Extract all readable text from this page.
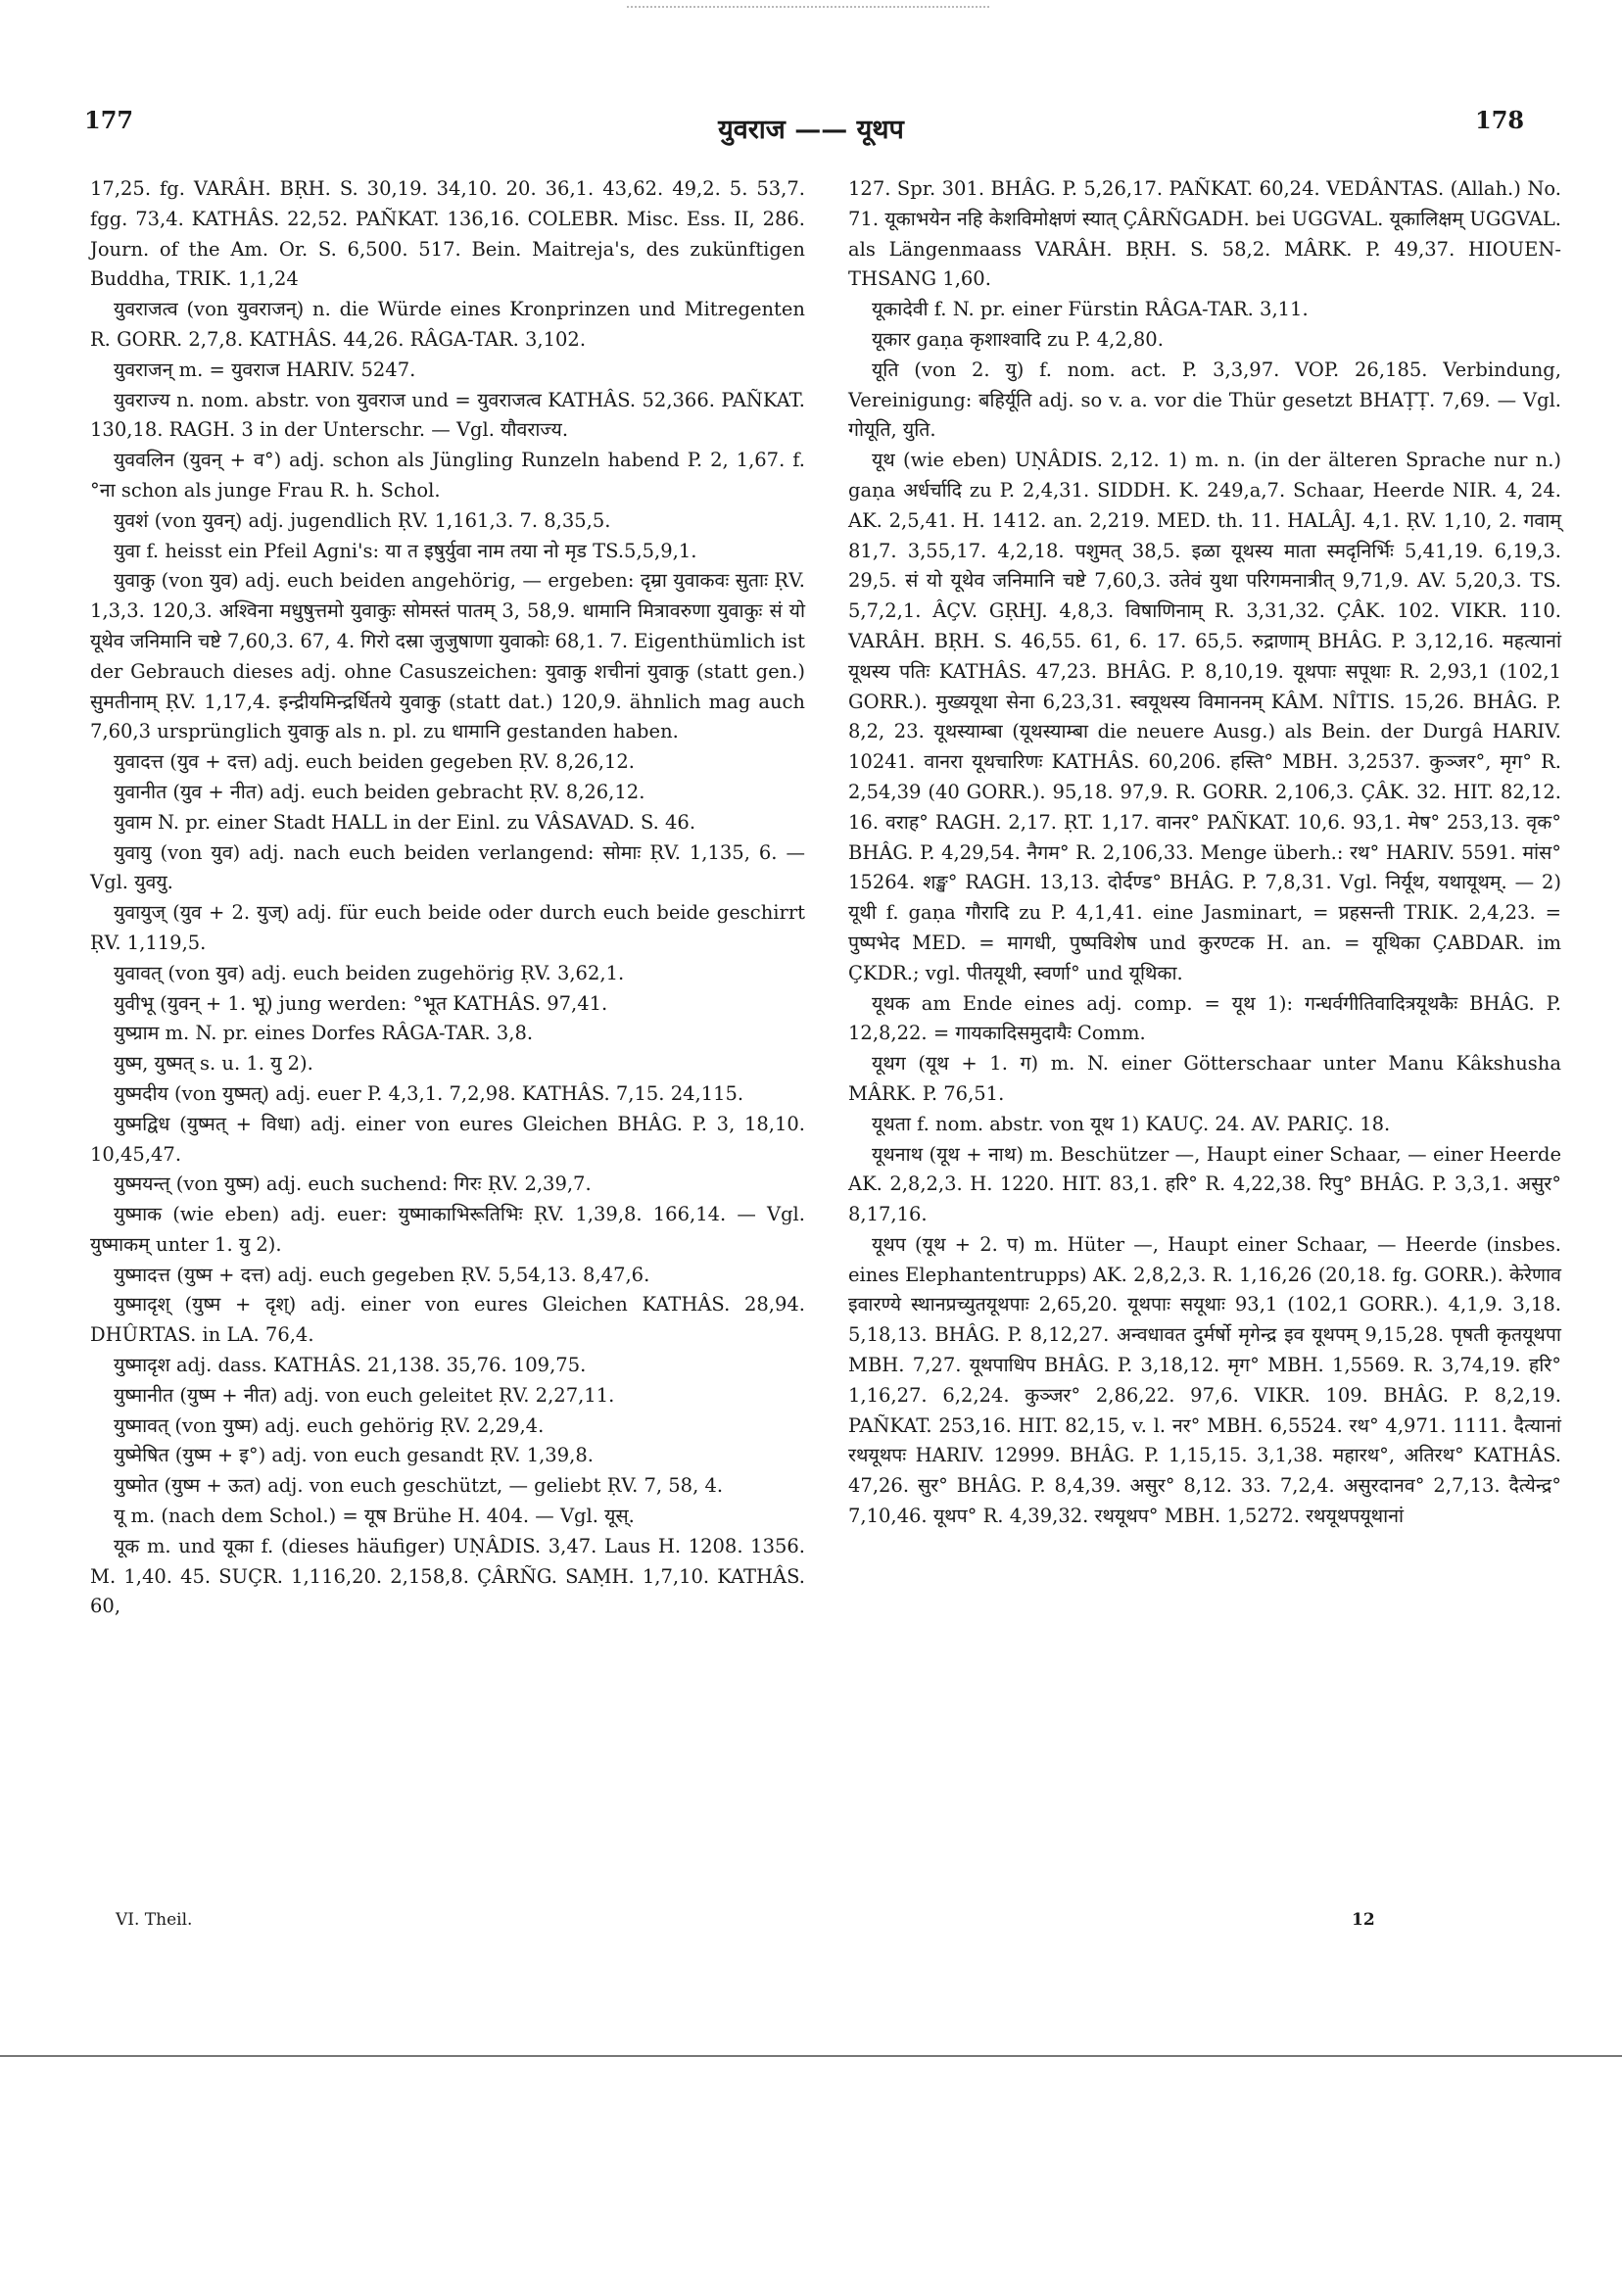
177	युवराज —— यूथप	178

17,25. fg. VARÂH. BṚH. S. 30,19. 34,10. 20. 36,1. 43,62. 49,2. 5. 53,7. fgg. 73,4. KATHÂS. 22,52. PAÑKAT. 136,16. COLEBR. Misc. Ess. II, 286. Journ. of the Am. Or. S. 6,500. 517. Bein. Maitreja's, des zukünftigen Buddha, TRIK. 1,1,24

युवराजत्व (von युवराजन्) n. die Würde eines Kronprinzen und Mitregenten R. GORR. 2,7,8. KATHÂS. 44,26. RÂGA-TAR. 3,102.

युवराजन् m. = युवराज HARIV. 5247.

युवराज्य n. nom. abstr. von युवराज und = युवराजत्व KATHÂS. 52,366. PAÑKAT. 130,18. RAGH. 3 in der Unterschr. — Vgl. यौवराज्य.

युववलिन (युवन् + व°) adj. schon als Jüngling Runzeln habend P. 2, 1,67. f. °ना schon als junge Frau R. h. Schol.

युवशं (von युवन्) adj. jugendlich ṚV. 1,161,3. 7. 8,35,5.

युवा f. heisst ein Pfeil Agni's: या त इषुर्युवा नाम तया नो मृड TS.5,5,9,1.

युवाकु (von युव) adj. euch beiden angehörig, — ergeben: दृम्रा युवाकवः सुताः ṚV. 1,3,3. 120,3. अश्विना मधुषुत्तमो युवाकुः सोमस्तं पातम् 3, 58,9. धामानि मित्रावरुणा युवाकुः सं यो यूथेव जनिमानि चष्टे 7,60,3. 67, 4. गिरो दस्रा जुजुषाणा युवाकोः 68,1. 7. Eigenthümlich ist der Gebrauch dieses adj. ohne Casuszeichen: युवाकु शचीनां युवाकु (statt gen.) सुमतीनाम् ṚV. 1,17,4. इन्द्रीयमिन्द्रर्धितये युवाकु (statt dat.) 120,9. ähnlich mag auch 7,60,3 ursprünglich युवाकु als n. pl. zu धामानि gestanden haben.

युवादत्त (युव + दत्त) adj. euch beiden gegeben ṚV. 8,26,12.

युवानीत (युव + नीत) adj. euch beiden gebracht ṚV. 8,26,12.

युवाम N. pr. einer Stadt HALL in der Einl. zu VÂSAVAD. S. 46.

युवायु (von युव) adj. nach euch beiden verlangend: सोमाः ṚV. 1,135, 6. — Vgl. युवयु.

युवायुज् (युव + 2. युज्) adj. für euch beide oder durch euch beide geschirrt ṚV. 1,119,5.

युवावत् (von युव) adj. euch beiden zugehörig ṚV. 3,62,1.

युवीभू (युवन् + 1. भू) jung werden: °भूत KATHÂS. 97,41.

युष्ग्राम m. N. pr. eines Dorfes RÂGA-TAR. 3,8.

युष्म, युष्मत् s. u. 1. यु 2).

युष्मदीय (von युष्मत्) adj. euer P. 4,3,1. 7,2,98. KATHÂS. 7,15. 24,115.

युष्मद्विध (युष्मत् + विधा) adj. einer von eures Gleichen BHÂG. P. 3, 18,10. 10,45,47.

युष्मयन्त् (von युष्म) adj. euch suchend: गिरः ṚV. 2,39,7.

युष्माक (wie eben) adj. euer: युष्माकाभिरूतिभिः ṚV. 1,39,8. 166,14. — Vgl. युष्माकम् unter 1. यु 2).

युष्मादत्त (युष्म + दत्त) adj. euch gegeben ṚV. 5,54,13. 8,47,6.

युष्मादृश् (युष्म + दृश्) adj. einer von eures Gleichen KATHÂS. 28,94. DHÛRTAS. in LA. 76,4.

युष्मादृश adj. dass. KATHÂS. 21,138. 35,76. 109,75.

युष्मानीत (युष्म + नीत) adj. von euch geleitet ṚV. 2,27,11.

युष्मावत् (von युष्म) adj. euch gehörig ṚV. 2,29,4.

युष्मेषित (युष्म + इ°) adj. von euch gesandt ṚV. 1,39,8.

युष्मोत (युष्म + ऊत) adj. von euch geschützt, — geliebt ṚV. 7, 58, 4.

यू m. (nach dem Schol.) = यूष Brühe H. 404. — Vgl. यूस्.

यूक m. und यूका f. (dieses häufiger) UṆÂDIS. 3,47. Laus H. 1208. 1356. M. 1,40. 45. SUÇR. 1,116,20. 2,158,8. ÇÂRÑG. SAṂH. 1,7,10. KATHÂS. 60,

127. Spr. 301. BHÂG. P. 5,26,17. PAÑKAT. 60,24. VEDÂNTAS. (Allah.) No. 71. यूकाभयेन नहि केशविमोक्षणं स्यात् ÇÂRÑGADH. bei UGGVAL. यूकालिक्षम् UGGVAL. als Längenmaass VARÂH. BṚH. S. 58,2. MÂRK. P. 49,37. HIOUEN-THSANG 1,60.

यूकादेवी f. N. pr. einer Fürstin RÂGA-TAR. 3,11.

यूकार gaṇa कृशाश्वादि zu P. 4,2,80.

यूति (von 2. यु) f. nom. act. P. 3,3,97. VOP. 26,185. Verbindung, Vereinigung: बहिर्यूति adj. so v. a. vor die Thür gesetzt BHAṬṬ. 7,69. — Vgl. गोयूति, युति.

यूथ (wie eben) UṆÂDIS. 2,12. 1) m. n. (in der älteren Sprache nur n.) gaṇa अर्धर्चादि zu P. 2,4,31. SIDDH. K. 249,a,7. Schaar, Heerde NIR. 4, 24. AK. 2,5,41. H. 1412. an. 2,219. MED. th. 11. HALÂJ. 4,1. ṚV. 1,10, 2. गवाम् 81,7. 3,55,17. 4,2,18. पशुमत् 38,5. इळा यूथस्य माता स्मदृनिर्भिः 5,41,19. 6,19,3. 29,5. सं यो यूथेव जनिमानि चष्टे 7,60,3. उतेवं युथा परिगमनात्रीत् 9,71,9. AV. 5,20,3. TS. 5,7,2,1. ÂÇV. GṚHJ. 4,8,3. विषाणिनाम् R. 3,31,32. ÇÂK. 102. VIKR. 110. VARÂH. BṚH. S. 46,55. 61, 6. 17. 65,5. रुद्राणाम् BHÂG. P. 3,12,16. महत्यानां यूथस्य पतिः KATHÂS. 47,23. BHÂG. P. 8,10,19. यूथपाः सपूथाः R. 2,93,1 (102,1 GORR.). मुख्ययूथा सेना 6,23,31. स्वयूथस्य विमाननम् KÂM. NÎTIS. 15,26. BHÂG. P. 8,2, 23. यूथस्याम्बा (यूथस्याम्बा die neuere Ausg.) als Bein. der Durgâ HARIV. 10241. वानरा यूथचारिणः KATHÂS. 60,206. हस्ति° MBH. 3,2537. कुञ्जर°, मृग° R. 2,54,39 (40 GORR.). 95,18. 97,9. R. GORR. 2,106,3. ÇÂK. 32. HIT. 82,12. 16. वराह° RAGH. 2,17. ṚT. 1,17. वानर° PAÑKAT. 10,6. 93,1. मेष° 253,13. वृक° BHÂG. P. 4,29,54. नैगम° R. 2,106,33. Menge überh.: रथ° HARIV. 5591. मांस° 15264. शङ्ख° RAGH. 13,13. दोर्दण्ड° BHÂG. P. 7,8,31. Vgl. निर्यूथ, यथायूथम्. — 2) यूथी f. gaṇa गौरादि zu P. 4,1,41. eine Jasminart, = प्रहसन्ती TRIK. 2,4,23. = पुष्पभेद MED. = मागधी, पुष्पविशेष und कुरण्टक H. an. = यूथिका ÇABDAR. im ÇKDR.; vgl. पीतयूथी, स्वर्णा° und यूथिका.

यूथक am Ende eines adj. comp. = यूथ 1): गन्धर्वगीतिवादित्रयूथकैः BHÂG. P. 12,8,22. = गायकादिसमुदायैः Comm.

यूथग (यूथ + 1. ग) m. N. einer Götterschaar unter Manu Kâkshusha MÂRK. P. 76,51.

यूथता f. nom. abstr. von यूथ 1) KAUÇ. 24. AV. PARIÇ. 18.

यूथनाथ (यूथ + नाथ) m. Beschützer —, Haupt einer Schaar, — einer Heerde AK. 2,8,2,3. H. 1220. HIT. 83,1. हरि° R. 4,22,38. रिपु° BHÂG. P. 3,3,1. असुर° 8,17,16.

यूथप (यूथ + 2. प) m. Hüter —, Haupt einer Schaar, — Heerde (insbes. eines Elephantentrupps) AK. 2,8,2,3. R. 1,16,26 (20,18. fg. GORR.). केरेणाव इवारण्ये स्थानप्रच्युतयूथपाः 2,65,20. यूथपाः सयूथाः 93,1 (102,1 GORR.). 4,1,9. 3,18. 5,18,13. BHÂG. P. 8,12,27. अन्वधावत दुर्मर्षो मृगेन्द्र इव यूथपम् 9,15,28. पृषती कृतयूथपा MBH. 7,27. यूथपाधिप BHÂG. P. 3,18,12. मृग° MBH. 1,5569. R. 3,74,19. हरि° 1,16,27. 6,2,24. कुञ्जर° 2,86,22. 97,6. VIKR. 109. BHÂG. P. 8,2,19. PAÑKAT. 253,16. HIT. 82,15, v. l. नर° MBH. 6,5524. रथ° 4,971. 1111. दैत्यानां रथयूथपः HARIV. 12999. BHÂG. P. 1,15,15. 3,1,38. महारथ°, अतिरथ° KATHÂS. 47,26. सुर° BHÂG. P. 8,4,39. असुर° 8,12. 33. 7,2,4. असुरदानव° 2,7,13. दैत्येन्द्र° 7,10,46. यूथप° R. 4,39,32. रथयूथप° MBH. 1,5272. रथयूथपयूथानां

VI. Theil.	12
